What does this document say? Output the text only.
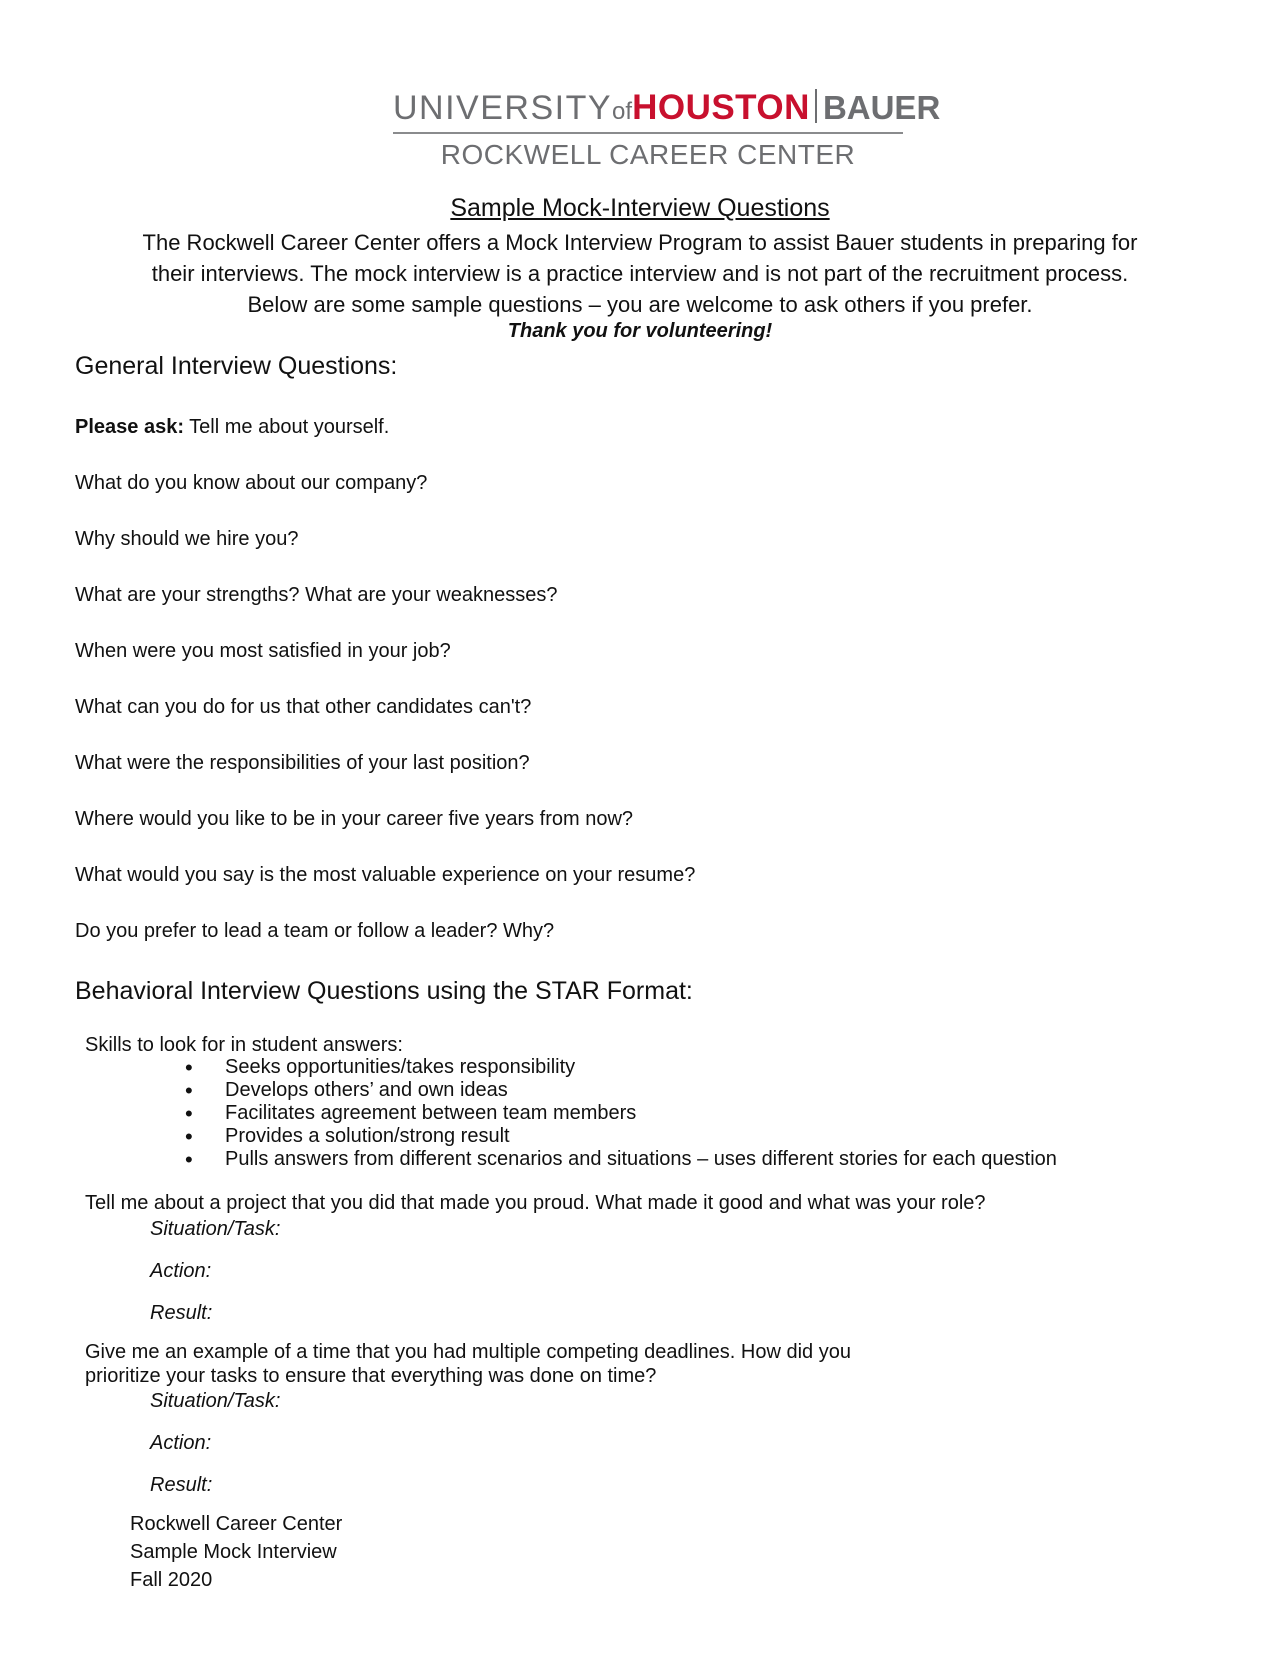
UNIVERSITYofHOUSTON BAUER
ROCKWELL CAREER CENTER
Sample Mock-Interview Questions
The Rockwell Career Center offers a Mock Interview Program to assist Bauer students in preparing for
their interviews. The mock interview is a practice interview and is not part of the recruitment process.
Below are some sample questions – you are welcome to ask others if you prefer.
Thank you for volunteering!
General Interview Questions:
Please ask: Tell me about yourself.
What do you know about our company?
Why should we hire you?
What are your strengths? What are your weaknesses?
When were you most satisfied in your job?
What can you do for us that other candidates can't?
What were the responsibilities of your last position?
Where would you like to be in your career five years from now?
What would you say is the most valuable experience on your resume?
Do you prefer to lead a team or follow a leader? Why?
Behavioral Interview Questions using the STAR Format:
Skills to look for in student answers:
• Seeks opportunities/takes responsibility
• Develops others’ and own ideas
• Facilitates agreement between team members
• Provides a solution/strong result
• Pulls answers from different scenarios and situations – uses different stories for each question
Tell me about a project that you did that made you proud. What made it good and what was your role?
Situation/Task:
Action:
Result:
Give me an example of a time that you had multiple competing deadlines. How did you
prioritize your tasks to ensure that everything was done on time?
Situation/Task:
Action:
Result:
Rockwell Career Center
Sample Mock Interview
Fall 2020
